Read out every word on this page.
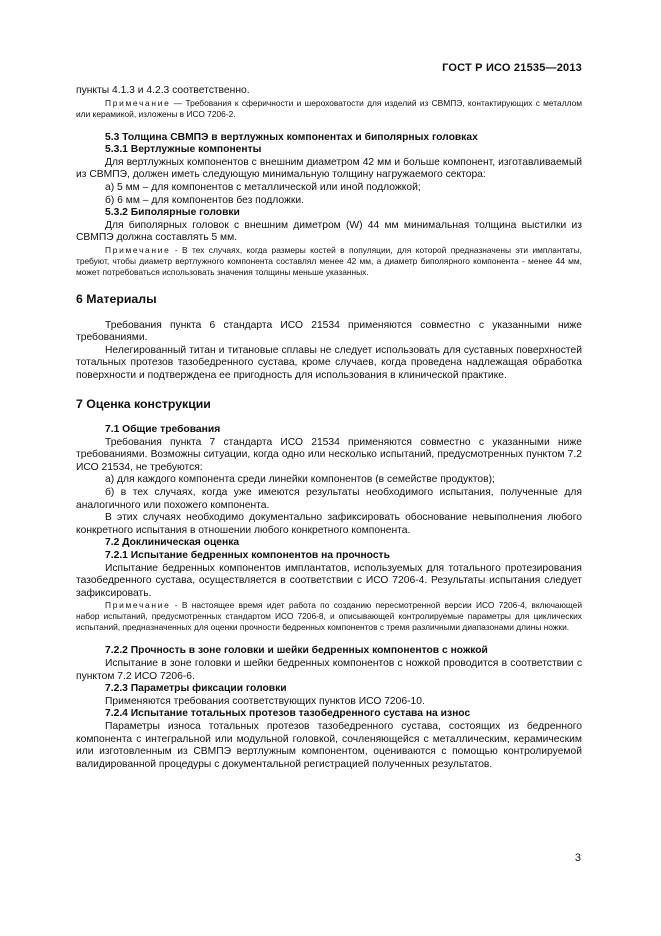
ГОСТ Р ИСО 21535—2013

пункты 4.1.3 и 4.2.3 соответственно.

Примечание — Требования к сферичности и шероховатости для изделий из СВМПЭ, контактирующих с металлом или керамикой, изложены в ИСО 7206-2.

5.3 Толщина СВМПЭ в вертлужных компонентах и биполярных головках

5.3.1 Вертлужные компоненты

Для вертлужных компонентов с внешним диаметром 42 мм и больше компонент, изготавливаемый из СВМПЭ, должен иметь следующую минимальную толщину нагружаемого сектора:

а) 5 мм – для компонентов с металлической или иной подложкой;

б) 6 мм – для компонентов без подложки.

5.3.2 Биполярные головки

Для биполярных головок с внешним диметром (W) 44 мм минимальная толщина выстилки из СВМПЭ должна составлять 5 мм.

Примечание - В тех случаях, когда размеры костей в популяции, для которой предназначены эти имплантаты, требуют, чтобы диаметр вертлужного компонента составлял менее 42 мм, а диаметр биполярного компонента - менее 44 мм, может потребоваться использовать значения толщины меньше указанных.

6 Материалы

Требования пункта 6 стандарта ИСО 21534 применяются совместно с указанными ниже требованиями.

Нелегированный титан и титановые сплавы не следует использовать для суставных поверхностей тотальных протезов тазобедренного сустава, кроме случаев, когда проведена надлежащая обработка поверхности и подтверждена ее пригодность для использования в клинической практике.

7 Оценка конструкции

7.1 Общие требования

Требования пункта 7 стандарта ИСО 21534 применяются совместно с указанными ниже требованиями. Возможны ситуации, когда одно или несколько испытаний, предусмотренных пунктом 7.2 ИСО 21534, не требуются:

а) для каждого компонента среди линейки компонентов (в семействе продуктов);

б) в тех случаях, когда уже имеются результаты необходимого испытания, полученные для аналогичного или похожего компонента.

В этих случаях необходимо документально зафиксировать обоснование невыполнения любого конкретного испытания в отношении любого конкретного компонента.

7.2 Доклиническая оценка

7.2.1 Испытание бедренных компонентов на прочность

Испытание бедренных компонентов имплантатов, используемых для тотального протезирования тазобедренного сустава, осуществляется в соответствии с ИСО 7206-4. Результаты испытания следует зафиксировать.

Примечание - В настоящее время идет работа по созданию пересмотренной версии ИСО 7206-4, включающей набор испытаний, предусмотренных стандартом ИСО 7206-8, и описывающей контролируемые параметры для циклических испытаний, предназначенных для оценки прочности бедренных компонентов с тремя различными диапазонами длины ножки.

7.2.2 Прочность в зоне головки и шейки бедренных компонентов с ножкой

Испытание в зоне головки и шейки бедренных компонентов с ножкой проводится в соответствии с пунктом 7.2 ИСО 7206-6.

7.2.3 Параметры фиксации головки

Применяются требования соответствующих пунктов ИСО 7206-10.

7.2.4 Испытание тотальных протезов тазобедренного сустава на износ

Параметры износа тотальных протезов тазобедренного сустава, состоящих из бедренного компонента с интегральной или модульной головкой, сочленяющейся с металлическим, керамическим или изготовленным из СВМПЭ вертлужным компонентом, оцениваются с помощью контролируемой валидированной процедуры с документальной регистрацией полученных результатов.

3
